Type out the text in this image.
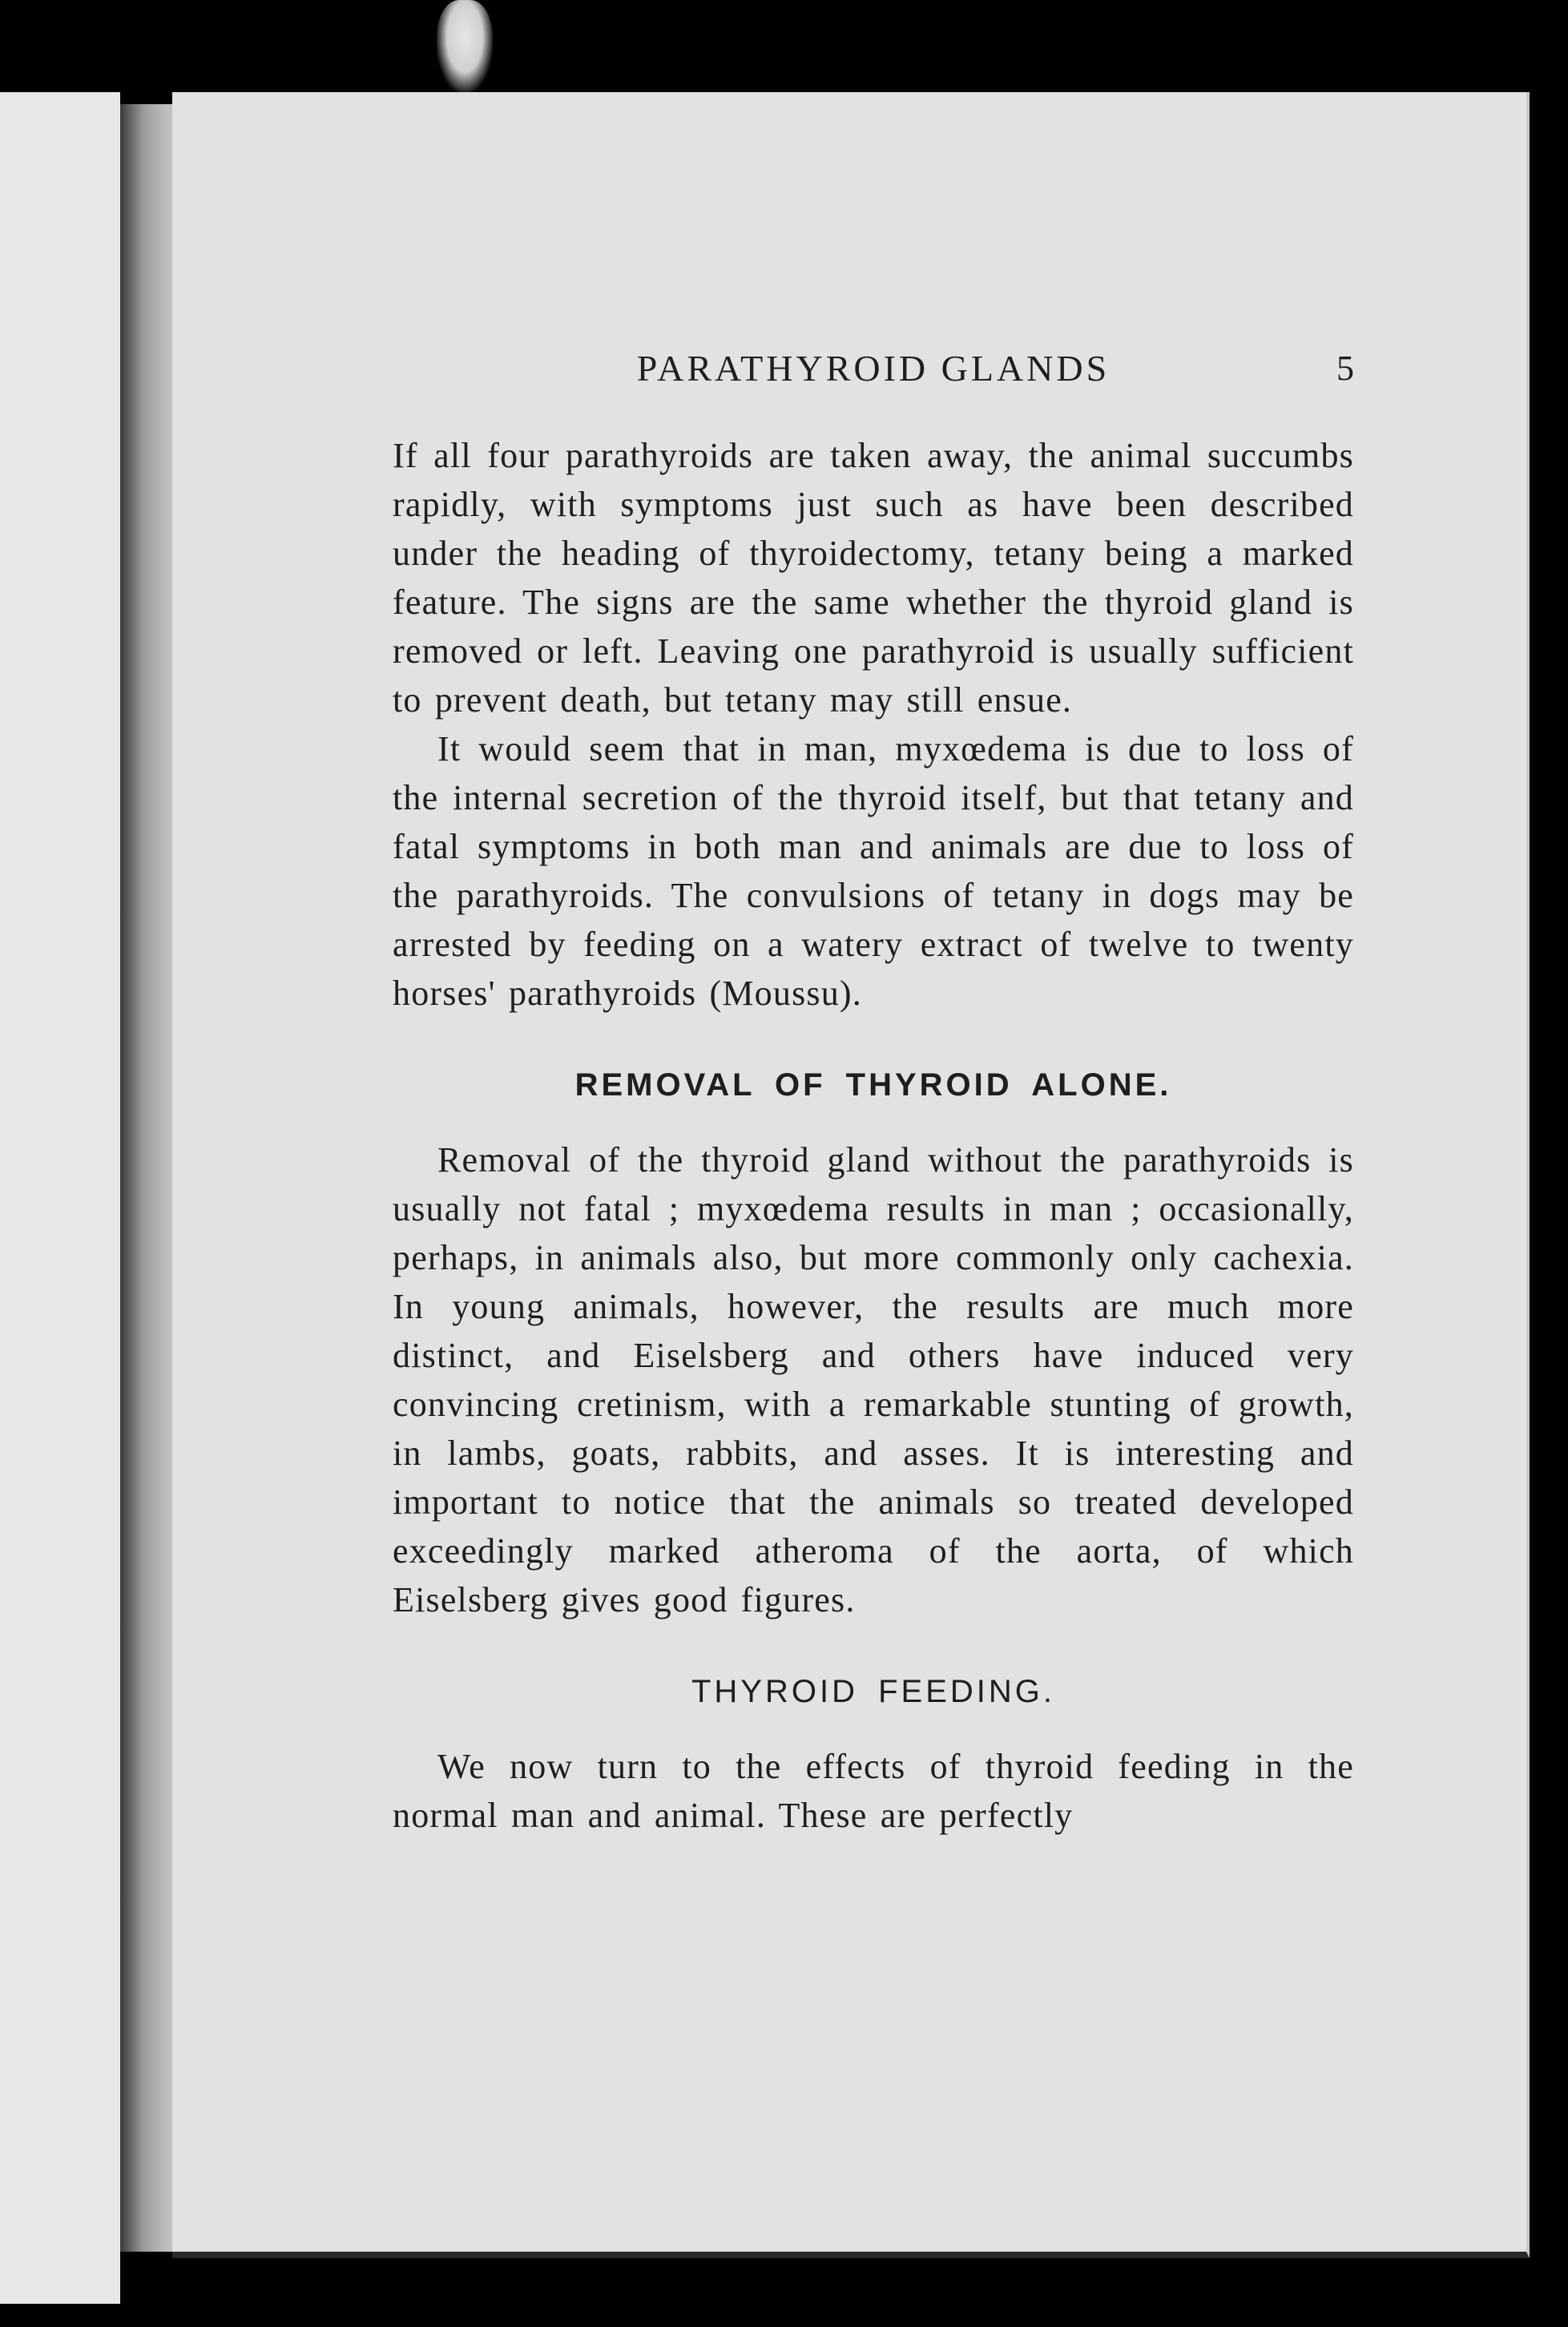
PARATHYROID GLANDS	5

If all four parathyroids are taken away, the animal succumbs rapidly, with symptoms just such as have been described under the heading of thyroidectomy, tetany being a marked feature. The signs are the same whether the thyroid gland is removed or left. Leaving one parathyroid is usually sufficient to prevent death, but tetany may still ensue.

It would seem that in man, myxœdema is due to loss of the internal secretion of the thyroid itself, but that tetany and fatal symptoms in both man and animals are due to loss of the parathyroids. The convulsions of tetany in dogs may be arrested by feeding on a watery extract of twelve to twenty horses' parathyroids (Moussu).

REMOVAL OF THYROID ALONE.

Removal of the thyroid gland without the parathyroids is usually not fatal ; myxœdema results in man ; occasionally, perhaps, in animals also, but more commonly only cachexia. In young animals, however, the results are much more distinct, and Eiselsberg and others have induced very convincing cretinism, with a remarkable stunting of growth, in lambs, goats, rabbits, and asses. It is interesting and important to notice that the animals so treated developed exceedingly marked atheroma of the aorta, of which Eiselsberg gives good figures.

THYROID FEEDING.

We now turn to the effects of thyroid feeding in the normal man and animal. These are perfectly
